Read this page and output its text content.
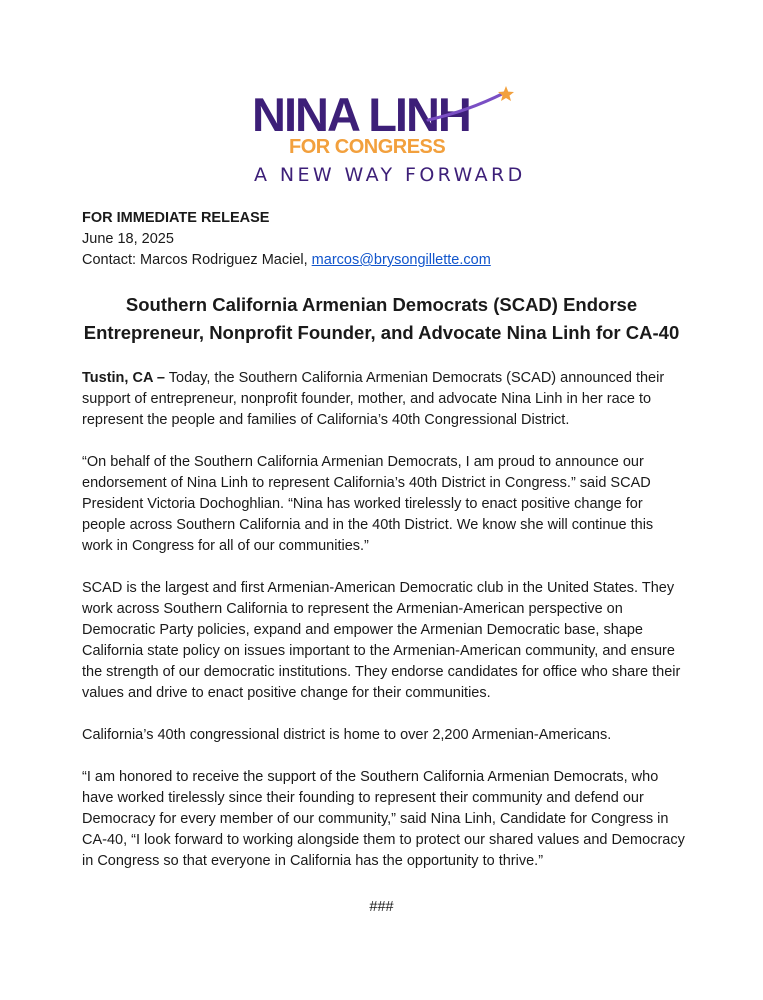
NINA LINH
FOR CONGRESS
A NEW WAY FORWARD
FOR IMMEDIATE RELEASE
June 18, 2025
Contact: Marcos Rodriguez Maciel, marcos@brysongillette.com
Southern California Armenian Democrats (SCAD) Endorse
Entrepreneur, Nonprofit Founder, and Advocate Nina Linh for CA-40

Tustin, CA – Today, the Southern California Armenian Democrats (SCAD) announced their support of entrepreneur, nonprofit founder, mother, and advocate Nina Linh in her race to represent the people and families of California’s 40th Congressional District.

“On behalf of the Southern California Armenian Democrats, I am proud to announce our endorsement of Nina Linh to represent California’s 40th District in Congress.” said SCAD President Victoria Dochoghlian. “Nina has worked tirelessly to enact positive change for people across Southern California and in the 40th District. We know she will continue this work in Congress for all of our communities.”

SCAD is the largest and first Armenian-American Democratic club in the United States. They work across Southern California to represent the Armenian-American perspective on Democratic Party policies, expand and empower the Armenian Democratic base, shape California state policy on issues important to the Armenian-American community, and ensure the strength of our democratic institutions. They endorse candidates for office who share their values and drive to enact positive change for their communities.

California’s 40th congressional district is home to over 2,200 Armenian-Americans.

“I am honored to receive the support of the Southern California Armenian Democrats, who have worked tirelessly since their founding to represent their community and defend our Democracy for every member of our community,” said Nina Linh, Candidate for Congress in CA-40, “I look forward to working alongside them to protect our shared values and Democracy in Congress so that everyone in California has the opportunity to thrive.”

###
